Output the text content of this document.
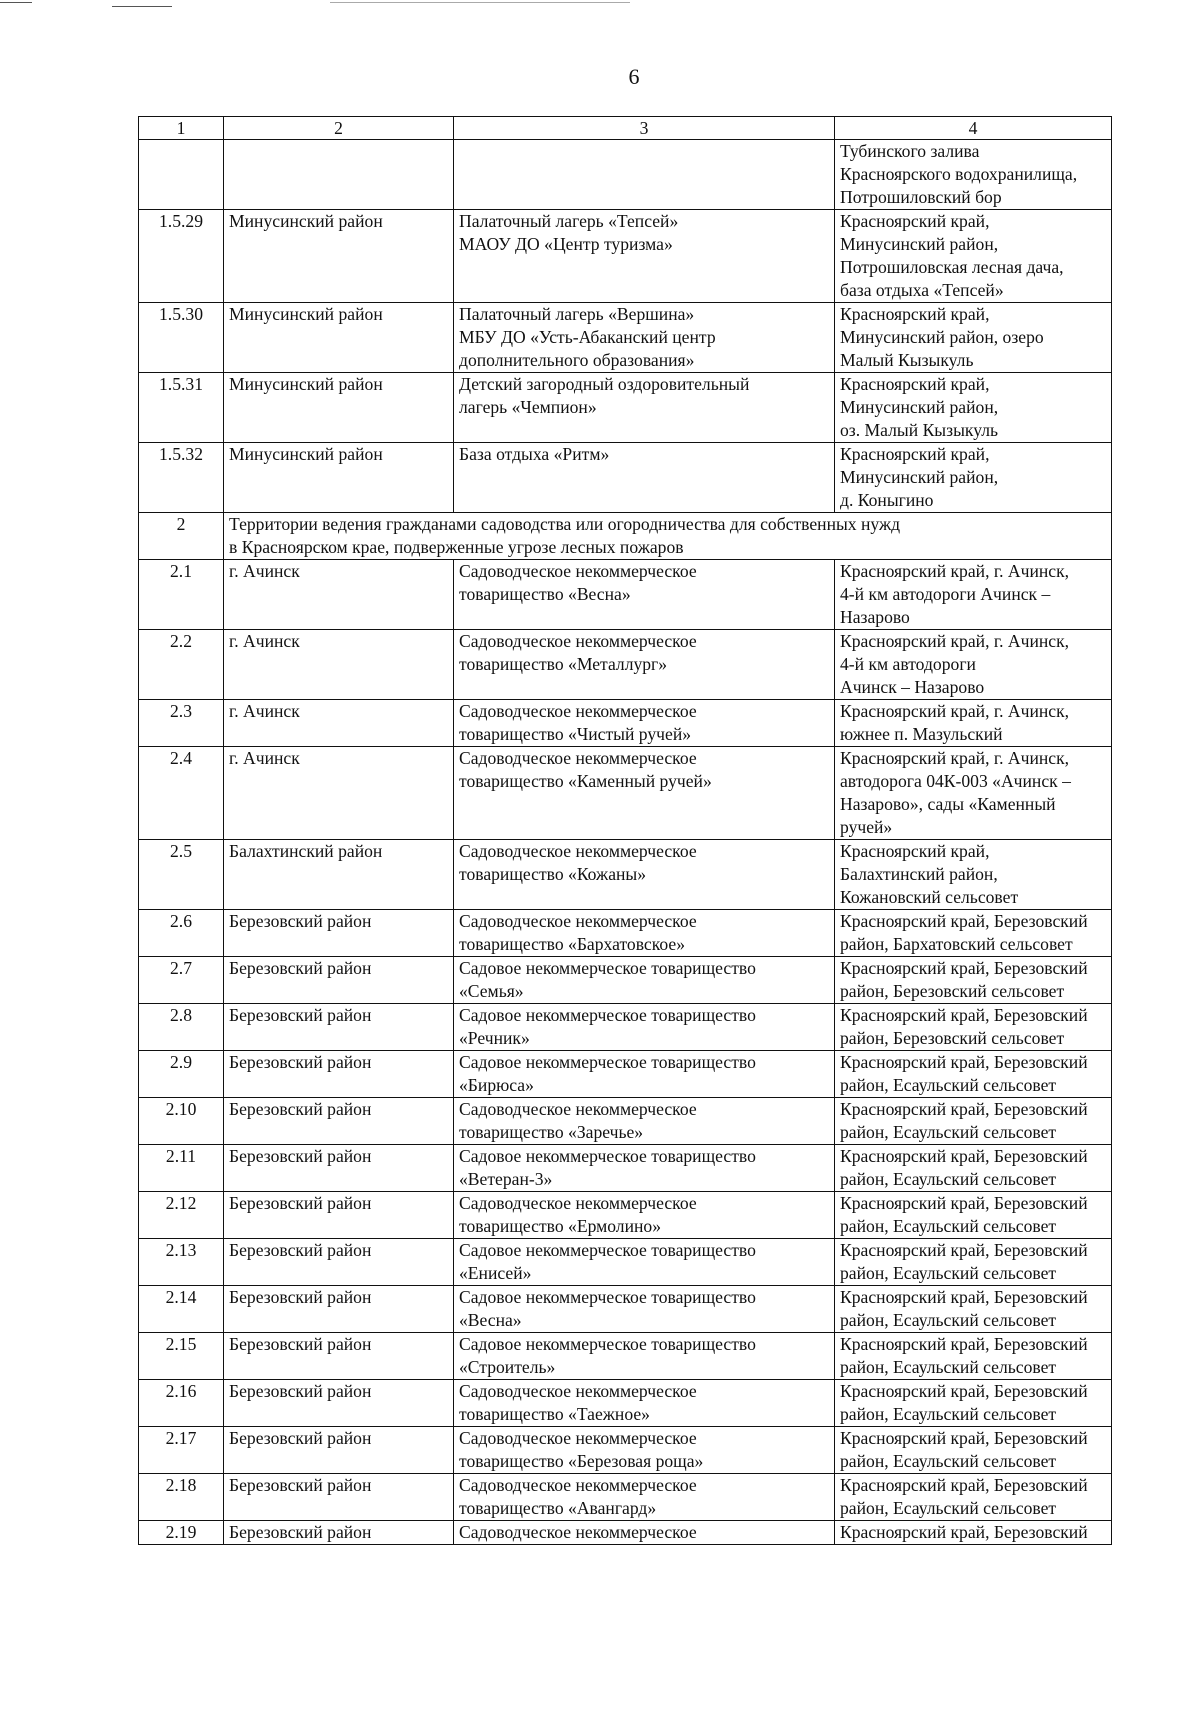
6
1	2	3	4
			Тубинского залива
Красноярского водохранилища,
Потрошиловский бор
1.5.29	Минусинский район	Палаточный лагерь «Тепсей»
МАОУ ДО «Центр туризма»	Красноярский край,
Минусинский район,
Потрошиловская лесная дача,
база отдыха «Тепсей»
1.5.30	Минусинский район	Палаточный лагерь «Вершина»
МБУ ДО «Усть-Абаканский центр
дополнительного образования»	Красноярский край,
Минусинский район, озеро
Малый Кызыкуль
1.5.31	Минусинский район	Детский загородный оздоровительный
лагерь «Чемпион»	Красноярский край,
Минусинский район,
оз. Малый Кызыкуль
1.5.32	Минусинский район	База отдыха «Ритм»	Красноярский край,
Минусинский район,
д. Коныгино
2	Территории ведения гражданами садоводства или огородничества для собственных нужд
в Красноярском крае, подверженные угрозе лесных пожаров		
2.1	г. Ачинск	Садоводческое некоммерческое
товарищество «Весна»	Красноярский край, г. Ачинск,
4-й км автодороги Ачинск –
Назарово
2.2	г. Ачинск	Садоводческое некоммерческое
товарищество «Металлург»	Красноярский край, г. Ачинск,
4-й км автодороги
Ачинск – Назарово
2.3	г. Ачинск	Садоводческое некоммерческое
товарищество «Чистый ручей»	Красноярский край, г. Ачинск,
южнее п. Мазульский
2.4	г. Ачинск	Садоводческое некоммерческое
товарищество «Каменный ручей»	Красноярский край, г. Ачинск,
автодорога 04К-003 «Ачинск –
Назарово», сады «Каменный
ручей»
2.5	Балахтинский район	Садоводческое некоммерческое
товарищество «Кожаны»	Красноярский край,
Балахтинский район,
Кожановский сельсовет
2.6	Березовский район	Садоводческое некоммерческое
товарищество «Бархатовское»	Красноярский край, Березовский
район, Бархатовский сельсовет
2.7	Березовский район	Садовое некоммерческое товарищество
«Семья»	Красноярский край, Березовский
район, Березовский сельсовет
2.8	Березовский район	Садовое некоммерческое товарищество
«Речник»	Красноярский край, Березовский
район, Березовский сельсовет
2.9	Березовский район	Садовое некоммерческое товарищество
«Бирюса»	Красноярский край, Березовский
район, Есаульский сельсовет
2.10	Березовский район	Садоводческое некоммерческое
товарищество «Заречье»	Красноярский край, Березовский
район, Есаульский сельсовет
2.11	Березовский район	Садовое некоммерческое товарищество
«Ветеран-3»	Красноярский край, Березовский
район, Есаульский сельсовет
2.12	Березовский район	Садоводческое некоммерческое
товарищество «Ермолино»	Красноярский край, Березовский
район, Есаульский сельсовет
2.13	Березовский район	Садовое некоммерческое товарищество
«Енисей»	Красноярский край, Березовский
район, Есаульский сельсовет
2.14	Березовский район	Садовое некоммерческое товарищество
«Весна»	Красноярский край, Березовский
район, Есаульский сельсовет
2.15	Березовский район	Садовое некоммерческое товарищество
«Строитель»	Красноярский край, Березовский
район, Есаульский сельсовет
2.16	Березовский район	Садоводческое некоммерческое
товарищество «Таежное»	Красноярский край, Березовский
район, Есаульский сельсовет
2.17	Березовский район	Садоводческое некоммерческое
товарищество «Березовая роща»	Красноярский край, Березовский
район, Есаульский сельсовет
2.18	Березовский район	Садоводческое некоммерческое
товарищество «Авангард»	Красноярский край, Березовский
район, Есаульский сельсовет
2.19	Березовский район	Садоводческое некоммерческое	Красноярский край, Березовский
